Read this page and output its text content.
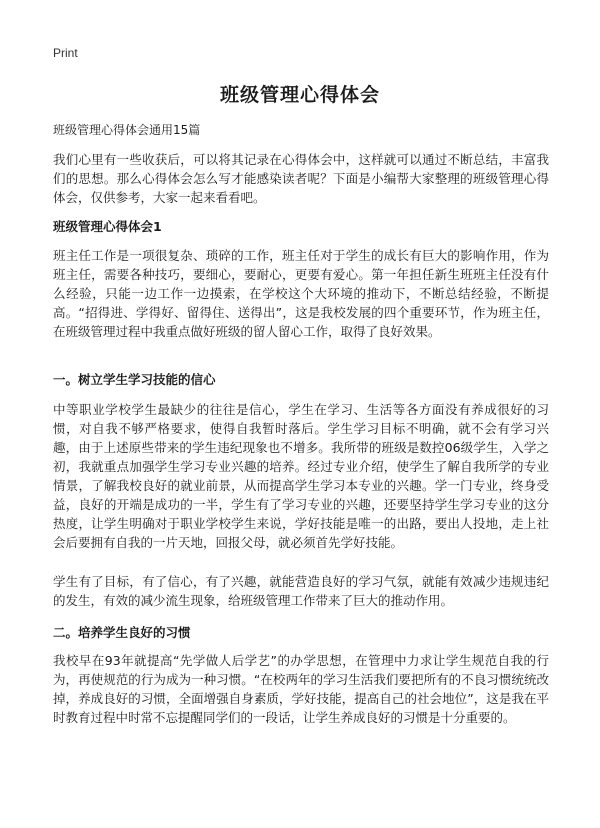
Print
班级管理心得体会
班级管理心得体会通用15篇

我们心里有一些收获后，可以将其记录在心得体会中，这样就可以通过不断总结，丰富我们的思想。那么心得体会怎么写才能感染读者呢？下面是小编帮大家整理的班级管理心得体会，仅供参考，大家一起来看看吧。

班级管理心得体会1

班主任工作是一项很复杂、琐碎的工作，班主任对于学生的成长有巨大的影响作用，作为班主任，需要各种技巧，要细心，要耐心，更要有爱心。第一年担任新生班班主任没有什么经验，只能一边工作一边摸索，在学校这个大环境的推动下，不断总结经验，不断提高。“招得进、学得好、留得住、送得出”，这是我校发展的四个重要环节，作为班主任，在班级管理过程中我重点做好班级的留人留心工作，取得了良好效果。

一。树立学生学习技能的信心

中等职业学校学生最缺少的往往是信心，学生在学习、生活等各方面没有养成很好的习惯，对自我不够严格要求，使得自我暂时落后。学生学习目标不明确，就不会有学习兴趣，由于上述原些带来的学生违纪现象也不增多。我所带的班级是数控06级学生，入学之初，我就重点加强学生学习专业兴趣的培养。经过专业介绍，使学生了解自我所学的专业情景，了解我校良好的就业前景，从而提高学生学习本专业的兴趣。学一门专业，终身受益，良好的开端是成功的一半，学生有了学习专业的兴趣，还要坚持学生学习专业的这分热度，让学生明确对于职业学校学生来说，学好技能是唯一的出路，要出人投地，走上社会后要拥有自我的一片天地，回报父母，就必须首先学好技能。

学生有了目标，有了信心，有了兴趣，就能营造良好的学习气氛，就能有效减少违规违纪的发生，有效的减少流生现象，给班级管理工作带来了巨大的推动作用。

二。培养学生良好的习惯

我校早在93年就提高“先学做人后学艺”的办学思想，在管理中力求让学生规范自我的行为，再使规范的行为成为一种习惯。“在校两年的学习生活我们要把所有的不良习惯统统改掉，养成良好的习惯，全面增强自身素质，学好技能，提高自己的社会地位”，这是我在平时教育过程中时常不忘提醒同学们的一段话，让学生养成良好的习惯是十分重要的。
